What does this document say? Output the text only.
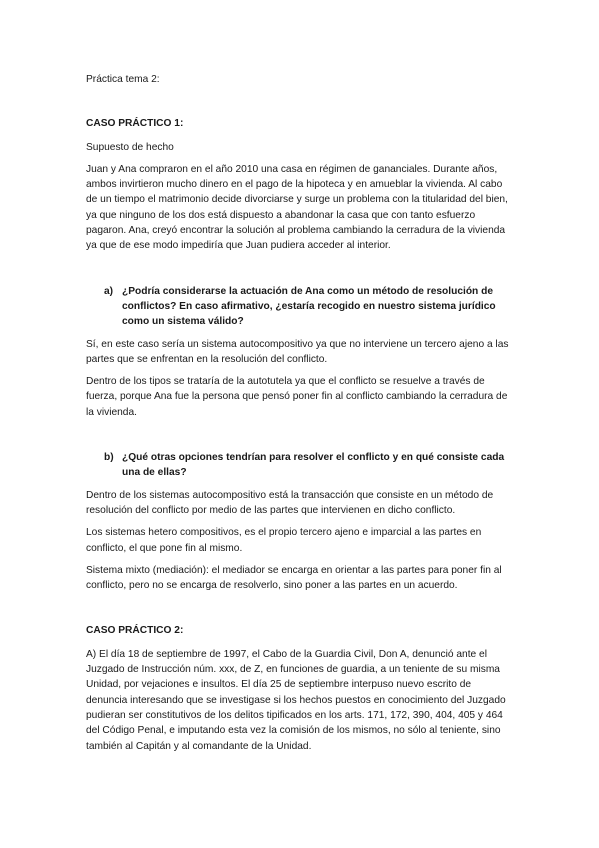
Práctica tema 2:

CASO PRÁCTICO 1:

Supuesto de hecho

Juan y Ana compraron en el año 2010 una casa en régimen de gananciales. Durante años, ambos invirtieron mucho dinero en el pago de la hipoteca y en amueblar la vivienda. Al cabo de un tiempo el matrimonio decide divorciarse y surge un problema con la titularidad del bien, ya que ninguno de los dos está dispuesto a abandonar la casa que con tanto esfuerzo pagaron. Ana, creyó encontrar la solución al problema cambiando la cerradura de la vivienda ya que de ese modo impediría que Juan pudiera acceder al interior.

a) ¿Podría considerarse la actuación de Ana como un método de resolución de conflictos? En caso afirmativo, ¿estaría recogido en nuestro sistema jurídico como un sistema válido?

Sí, en este caso sería un sistema autocompositivo ya que no interviene un tercero ajeno a las partes que se enfrentan en la resolución del conflicto.

Dentro de los tipos se trataría de la autotutela ya que el conflicto se resuelve a través de fuerza, porque Ana fue la persona que pensó poner fin al conflicto cambiando la cerradura de la vivienda.

b) ¿Qué otras opciones tendrían para resolver el conflicto y en qué consiste cada una de ellas?

Dentro de los sistemas autocompositivo está la transacción que consiste en un método de resolución del conflicto por medio de las partes que intervienen en dicho conflicto.

Los sistemas hetero compositivos, es el propio tercero ajeno e imparcial a las partes en conflicto, el que pone fin al mismo.

Sistema mixto (mediación): el mediador se encarga en orientar a las partes para poner fin al conflicto, pero no se encarga de resolverlo, sino poner a las partes en un acuerdo.

CASO PRÁCTICO 2:

A) El día 18 de septiembre de 1997, el Cabo de la Guardia Civil, Don A, denunció ante el Juzgado de Instrucción núm. xxx, de Z, en funciones de guardia, a un teniente de su misma Unidad, por vejaciones e insultos. El día 25 de septiembre interpuso nuevo escrito de denuncia interesando que se investigase si los hechos puestos en conocimiento del Juzgado pudieran ser constitutivos de los delitos tipificados en los arts. 171, 172, 390, 404, 405 y 464 del Código Penal, e imputando esta vez la comisión de los mismos, no sólo al teniente, sino también al Capitán y al comandante de la Unidad.
